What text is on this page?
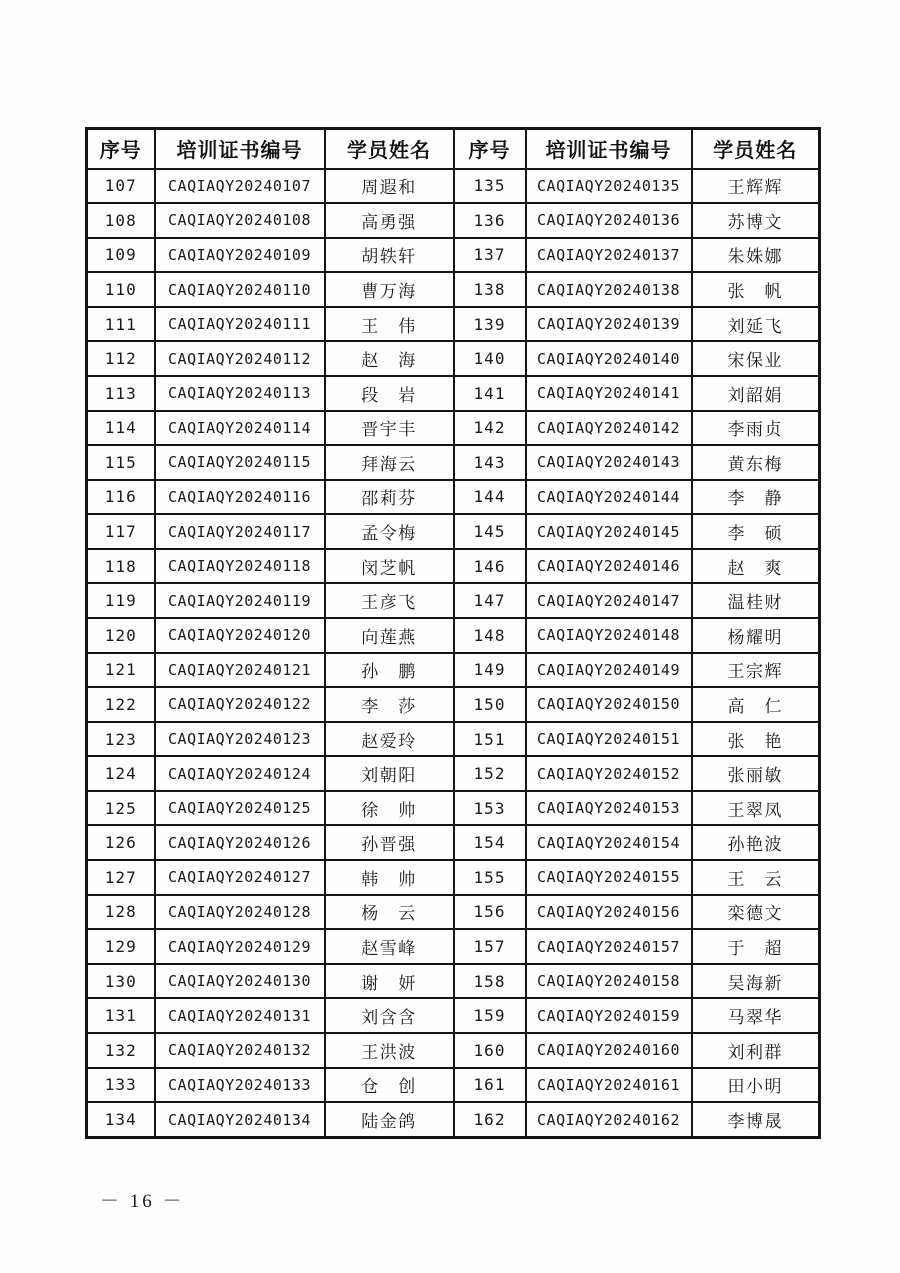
序号	培训证书编号	学员姓名	序号	培训证书编号	学员姓名
107	CAQIAQY20240107	周遐和	135	CAQIAQY20240135	王辉辉
108	CAQIAQY20240108	高勇强	136	CAQIAQY20240136	苏博文
109	CAQIAQY20240109	胡轶轩	137	CAQIAQY20240137	朱姝娜
110	CAQIAQY20240110	曹万海	138	CAQIAQY20240138	张　帆
111	CAQIAQY20240111	王　伟	139	CAQIAQY20240139	刘延飞
112	CAQIAQY20240112	赵　海	140	CAQIAQY20240140	宋保业
113	CAQIAQY20240113	段　岩	141	CAQIAQY20240141	刘韶娟
114	CAQIAQY20240114	晋宇丰	142	CAQIAQY20240142	李雨贞
115	CAQIAQY20240115	拜海云	143	CAQIAQY20240143	黄东梅
116	CAQIAQY20240116	邵莉芬	144	CAQIAQY20240144	李　静
117	CAQIAQY20240117	孟令梅	145	CAQIAQY20240145	李　硕
118	CAQIAQY20240118	闵芝帆	146	CAQIAQY20240146	赵　爽
119	CAQIAQY20240119	王彦飞	147	CAQIAQY20240147	温桂财
120	CAQIAQY20240120	向莲燕	148	CAQIAQY20240148	杨耀明
121	CAQIAQY20240121	孙　鹏	149	CAQIAQY20240149	王宗辉
122	CAQIAQY20240122	李　莎	150	CAQIAQY20240150	高　仁
123	CAQIAQY20240123	赵爱玲	151	CAQIAQY20240151	张　艳
124	CAQIAQY20240124	刘朝阳	152	CAQIAQY20240152	张丽敏
125	CAQIAQY20240125	徐　帅	153	CAQIAQY20240153	王翠凤
126	CAQIAQY20240126	孙晋强	154	CAQIAQY20240154	孙艳波
127	CAQIAQY20240127	韩　帅	155	CAQIAQY20240155	王　云
128	CAQIAQY20240128	杨　云	156	CAQIAQY20240156	栾德文
129	CAQIAQY20240129	赵雪峰	157	CAQIAQY20240157	于　超
130	CAQIAQY20240130	谢　妍	158	CAQIAQY20240158	吴海新
131	CAQIAQY20240131	刘含含	159	CAQIAQY20240159	马翠华
132	CAQIAQY20240132	王洪波	160	CAQIAQY20240160	刘利群
133	CAQIAQY20240133	仓　创	161	CAQIAQY20240161	田小明
134	CAQIAQY20240134	陆金鸽	162	CAQIAQY20240162	李博晟
－ 16 －
